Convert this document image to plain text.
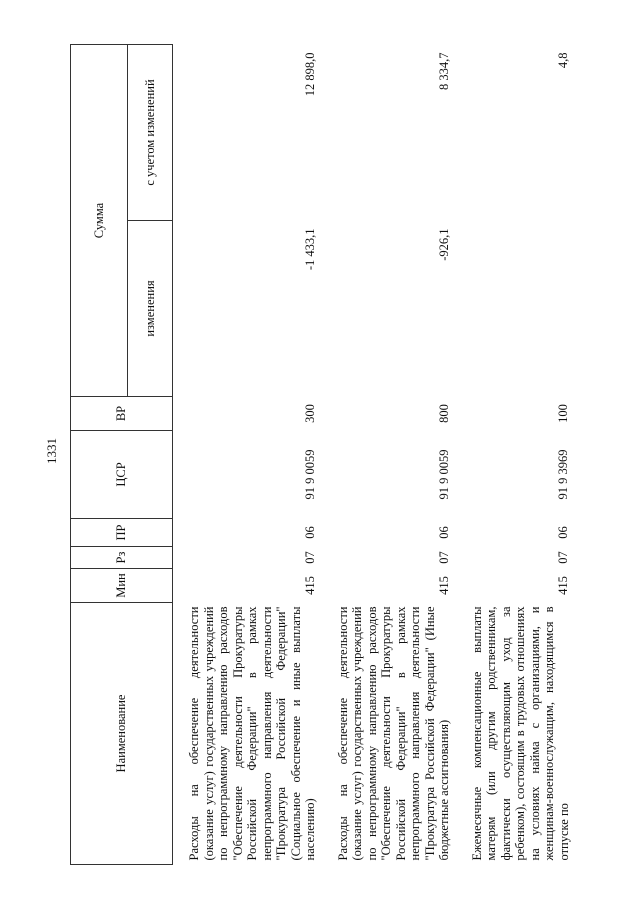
1331
Наименование	Мин	Рз	ПР	ЦСР	ВР	Сумма	
						изменения	с учетом изменений
Расходы на обеспечение деятельности (оказание услуг) государственных учреждений по непрограммному направлению расходов "Обеспечение деятельности Прокуратуры Российской Федерации" в рамках непрограммного направления деятельности "Прокуратура Российской Федерации" (Социальное обеспечение и иные выплаты населению)	415	07	06	91 9 0059	300	-1 433,1	12 898,0
Расходы на обеспечение деятельности (оказание услуг) государственных учреждений по непрограммному направлению расходов "Обеспечение деятельности Прокуратуры Российской Федерации" в рамках непрограммного направления деятельности "Прокуратура Российской Федерации" (Иные бюджетные ассигнования)	415	07	06	91 9 0059	800	-926,1	8 334,7
Ежемесячные компенсационные выплаты матерям (или другим родственникам, фактически осуществляющим уход за ребенком), состоящим в трудовых отношениях на условиях найма с организациями, и женщинам-военнослужащим, находящимся в отпуске по	415	07	06	91 9 3969	100		4,8
